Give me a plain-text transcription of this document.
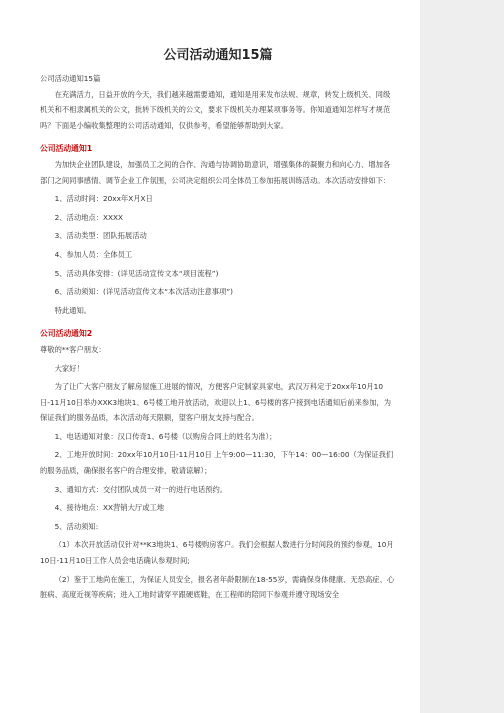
公司活动通知15篇

公司活动通知15篇

在充满活力，日益开放的今天，我们越来越需要通知，通知是用来发布法规、规章，转发上级机关、同级机关和不相隶属机关的公文，批转下级机关的公文，要求下级机关办理某项事务等。你知道通知怎样写才规范吗？下面是小编收集整理的公司活动通知，仅供参考，希望能够帮助到大家。

公司活动通知1

为加快企业团队建设，加强员工之间的合作、沟通与协调协助意识，增强集体的凝聚力和向心力、增加各部门之间同事感情、调节企业工作氛围，公司决定组织公司全体员工参加拓展训练活动。本次活动安排如下：

1、活动时间：20xx年X月X日

2、活动地点：XXXX

3、活动类型：团队拓展活动

4、参加人员：全体员工

5、活动具体安排：(详见活动宣传文本“项目流程”)

6、活动须知：(详见活动宣传文本“本次活动注意事项”)

特此通知。

公司活动通知2

尊敬的**客户朋友：

大家好！

为了让广大客户朋友了解房屋施工进展的情况，方便客户定制家具家电，武汉万科定于20xx年10月10日-11月10日举办XXK3地块1、6号楼工地开放活动，欢迎以上1、6号楼的客户接到电话通知后前来参加，为保证我们的服务品质，本次活动每天限额，望客户朋友支持与配合。

1、电话通知对象：汉口传奇1、6号楼（以购房合同上的姓名为准）；

2、工地开放时间：20xx年10月10日-11月10日 上午9:00—11:30，下午14：00—16:00（为保证我们的服务品质，确保报名客户的合理安排，敬请谅解）；

3、通知方式：交付团队成员一对一的进行电话预约。

4、接待地点：XX营销大厅或工地

5、活动须知:

（1）本次开放活动仅针对**K3地块1、6号楼购房客户。我们会根据人数进行分时间段的预约参观，10月10日-11月10日工作人员会电话确认参观时间;

（2）鉴于工地尚在施工，为保证人员安全，报名者年龄限制在18-55岁，需确保身体健康、无恐高症、心脏病、高度近视等疾病；进入工地时请穿平跟硬底鞋，在工程师的陪同下参观并遵守现场安全
